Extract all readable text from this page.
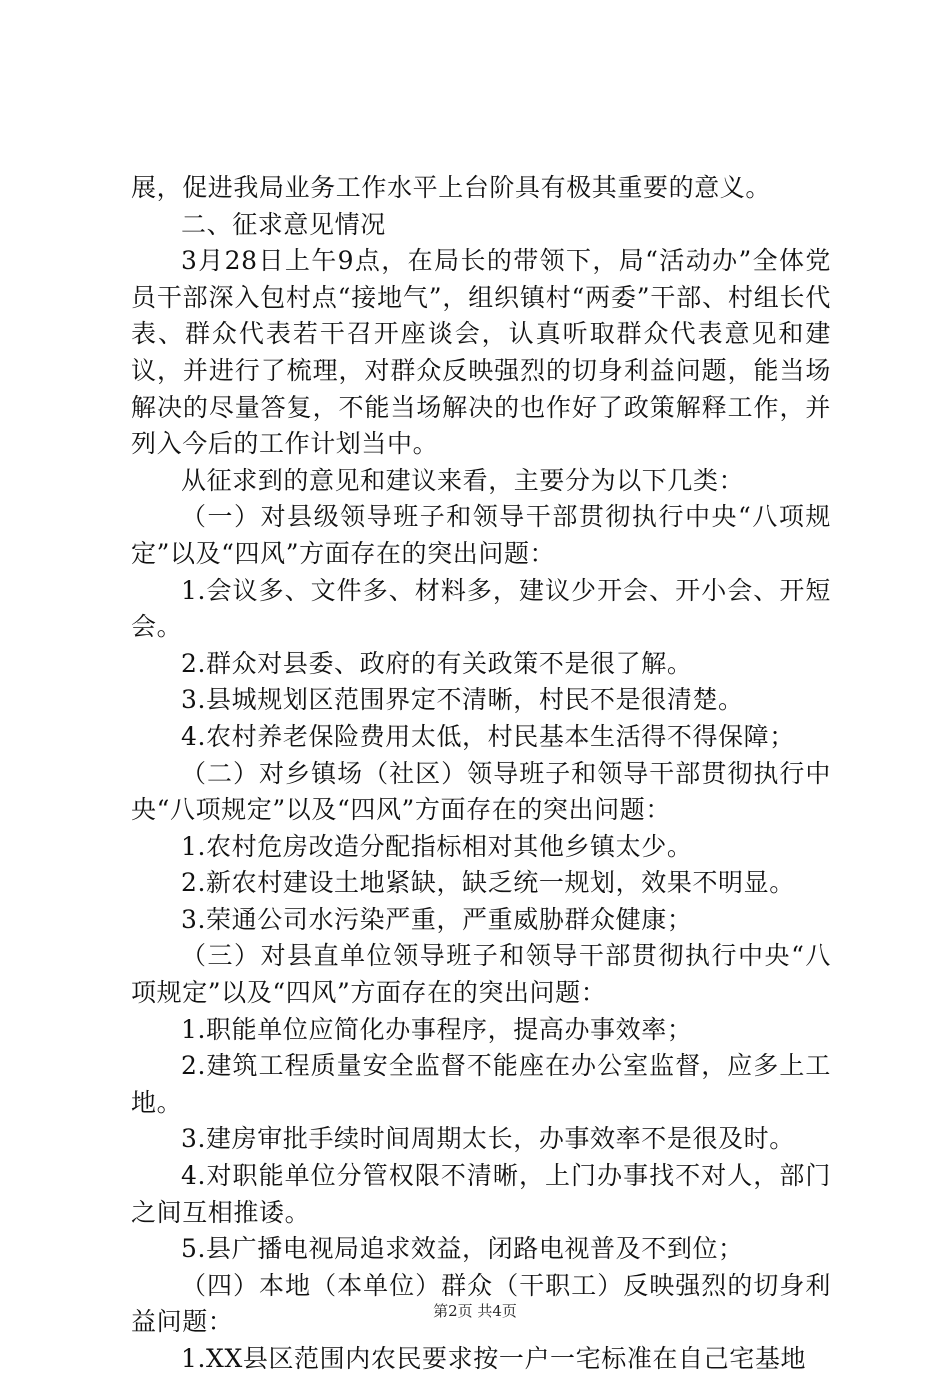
展，促进我局业务工作水平上台阶具有极其重要的意义。

二、征求意见情况

3月28日上午9点，在局长的带领下，局“活动办”全体党员干部深入包村点“接地气”，组织镇村“两委”干部、村组长代表、群众代表若干召开座谈会，认真听取群众代表意见和建议，并进行了梳理，对群众反映强烈的切身利益问题，能当场解决的尽量答复，不能当场解决的也作好了政策解释工作，并列入今后的工作计划当中。

从征求到的意见和建议来看，主要分为以下几类：

（一）对县级领导班子和领导干部贯彻执行中央“八项规定”以及“四风”方面存在的突出问题：

1.会议多、文件多、材料多，建议少开会、开小会、开短会。

2.群众对县委、政府的有关政策不是很了解。

3.县城规划区范围界定不清晰，村民不是很清楚。

4.农村养老保险费用太低，村民基本生活得不得保障；

（二）对乡镇场（社区）领导班子和领导干部贯彻执行中央“八项规定”以及“四风”方面存在的突出问题：

1.农村危房改造分配指标相对其他乡镇太少。

2.新农村建设土地紧缺，缺乏统一规划，效果不明显。

3.荣通公司水污染严重，严重威胁群众健康；

（三）对县直单位领导班子和领导干部贯彻执行中央“八项规定”以及“四风”方面存在的突出问题：

1.职能单位应简化办事程序，提高办事效率；

2.建筑工程质量安全监督不能座在办公室监督，应多上工地。

3.建房审批手续时间周期太长，办事效率不是很及时。

4.对职能单位分管权限不清晰，上门办事找不对人，部门之间互相推诿。

5.县广播电视局追求效益，闭路电视普及不到位；

（四）本地（本单位）群众（干职工）反映强烈的切身利益问题：

1.XX县区范围内农民要求按一户一宅标准在自己宅基地

第2页 共4页
